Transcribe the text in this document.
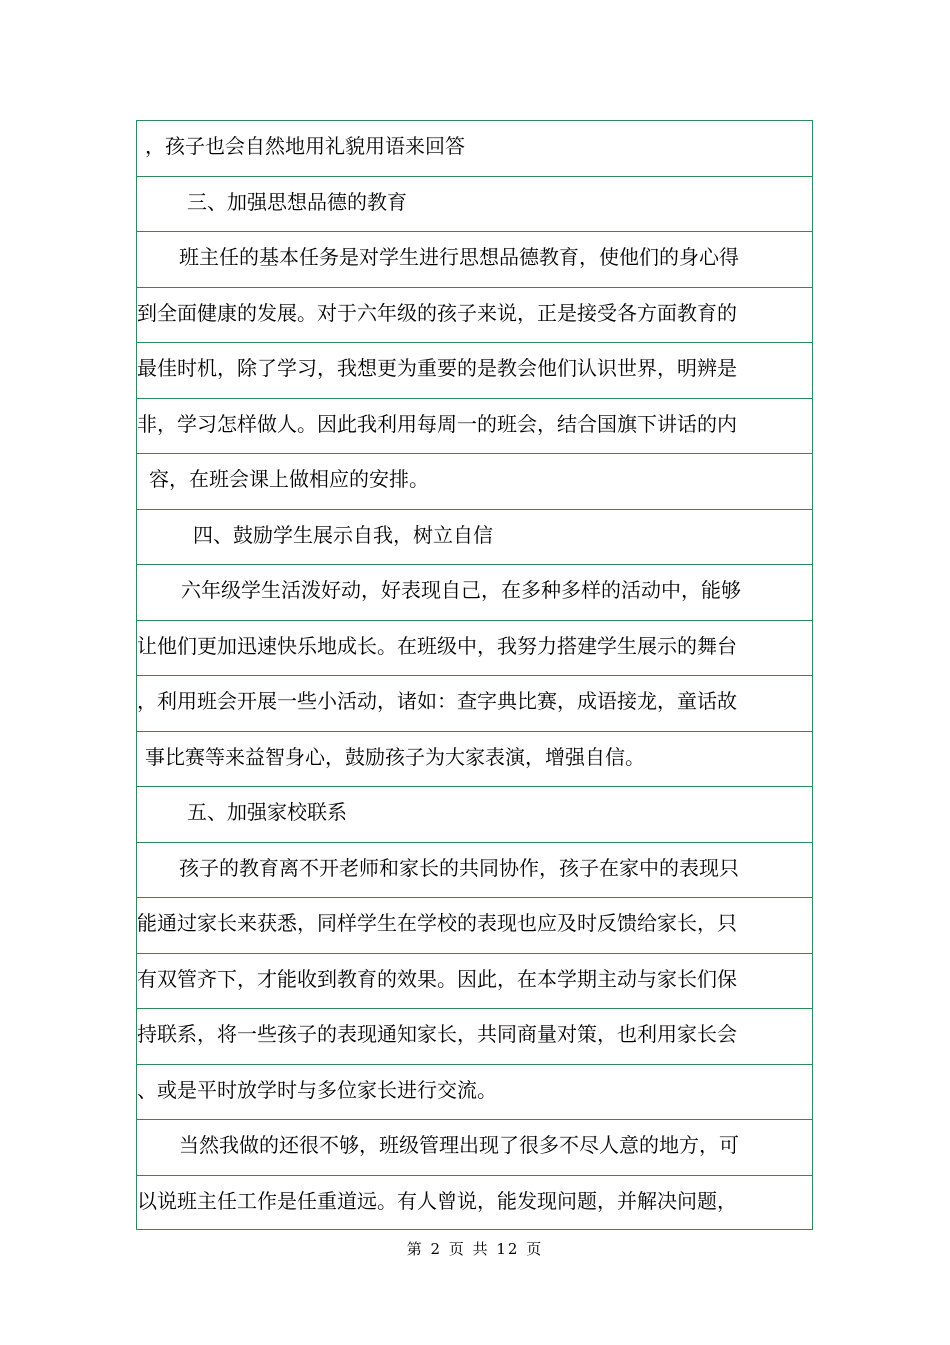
，孩子也会自然地用礼貌用语来回答
三、加强思想品德的教育
班主任的基本任务是对学生进行思想品德教育，使他们的身心得
到全面健康的发展。对于六年级的孩子来说，正是接受各方面教育的
最佳时机，除了学习，我想更为重要的是教会他们认识世界，明辨是
非，学习怎样做人。因此我利用每周一的班会，结合国旗下讲话的内
容，在班会课上做相应的安排。
四、鼓励学生展示自我，树立自信
六年级学生活泼好动，好表现自己，在多种多样的活动中，能够
让他们更加迅速快乐地成长。在班级中，我努力搭建学生展示的舞台
，利用班会开展一些小活动，诸如：查字典比赛，成语接龙，童话故
事比赛等来益智身心，鼓励孩子为大家表演，增强自信。
五、加强家校联系
孩子的教育离不开老师和家长的共同协作，孩子在家中的表现只
能通过家长来获悉，同样学生在学校的表现也应及时反馈给家长，只
有双管齐下，才能收到教育的效果。因此，在本学期主动与家长们保
持联系，将一些孩子的表现通知家长，共同商量对策，也利用家长会
、或是平时放学时与多位家长进行交流。
当然我做的还很不够，班级管理出现了很多不尽人意的地方，可
以说班主任工作是任重道远。有人曾说，能发现问题，并解决问题，
第 2 页 共 12 页
